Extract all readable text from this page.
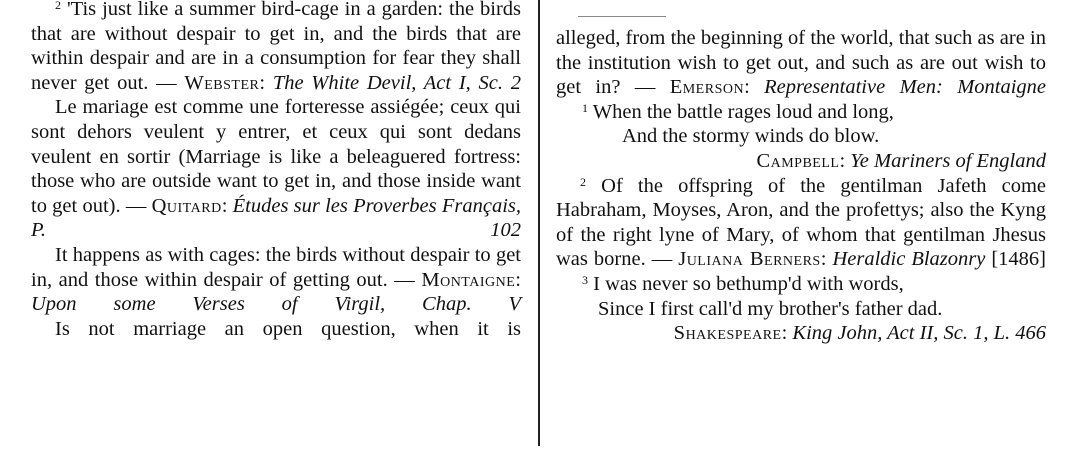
$^2$ 'Tis just like a summer bird-cage in a garden: the birds that are without despair to get in, and the birds that are within despair and are in a consumption for fear they shall never get out. — Webster: The White Devil, Act I, Sc. 2

Le mariage est comme une forteresse assiégée; ceux qui sont dehors veulent y entrer, et ceux qui sont dedans veulent en sortir (Marriage is like a beleaguered fortress: those who are outside want to get in, and those inside want to get out). — Quitard: Études sur les Proverbes Français, P. 102

It happens as with cages: the birds without despair to get in, and those within despair of getting out. — Montaigne: Upon some Verses of Virgil, Chap. V

Is not marriage an open question, when it is

alleged, from the beginning of the world, that such as are in the institution wish to get out, and such as are out wish to get in? — Emerson: Representative Men: Montaigne

$^1$ When the battle rages loud and long,

And the stormy winds do blow.

Campbell: Ye Mariners of England

$^2$ Of the offspring of the gentilman Jafeth come Habraham, Moyses, Aron, and the profettys; also the Kyng of the right lyne of Mary, of whom that gentilman Jhesus was borne. — Juliana Berners: Heraldic Blazonry [1486]

$^3$ I was never so bethump'd with words,

Since I first call'd my brother's father dad.

Shakespeare: King John, Act II, Sc. 1, L. 466
